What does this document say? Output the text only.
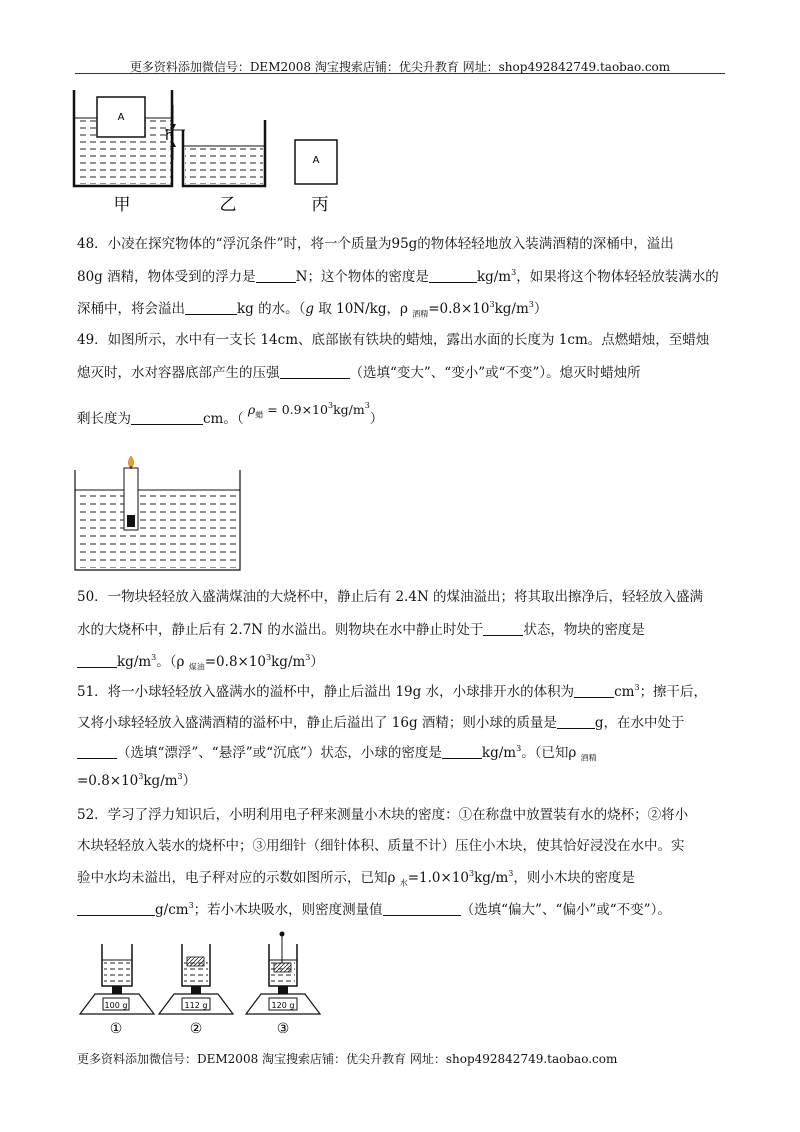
更多资料添加微信号：DEM2008 淘宝搜索店铺：优尖升教育 网址：shop492842749.taobao.com
A
h
A
甲	乙	丙
48．小凌在探究物体的“浮沉条件”时，将一个质量为95g的物体轻轻地放入装满酒精的深桶中，溢出
80g 酒精，物体受到的浮力是	N；这个物体的密度是	$kg/m^3$，如果将这个物体轻轻放装满水的
深桶中，将会溢出	kg 的水。（g 取 10N/kg，ρ $_{酒精}=0.8\times 10^3kg/m^3$）
49．如图所示，水中有一支长 14cm、底部嵌有铁块的蜡烛，露出水面的长度为 1cm。点燃蜡烛，至蜡烛
熄灭时，水对容器底部产生的压强	（选填“变大”、“变小”或“不变”）。熄灭时蜡烛所
剩长度为	cm。（ $\rho_蜡 = 0.9\times 10^3kg/m^3$）
50．一物块轻轻放入盛满煤油的大烧杯中，静止后有 2.4N 的煤油溢出；将其取出擦净后，轻轻放入盛满
水的大烧杯中，静止后有 2.7N 的水溢出。则物块在水中静止时处于	状态，物块的密度是
$kg/m^3$。（ρ $_{煤油}=0.8\times 10^3kg/m^3$）
51．将一小球轻轻放入盛满水的溢杯中，静止后溢出 19g 水，小球排开水的体积为	$cm^3$；擦干后，
又将小球轻轻放入盛满酒精的溢杯中，静止后溢出了 16g 酒精；则小球的质量是	g，在水中处于
（选填“漂浮”、“悬浮”或“沉底”）状态，小球的密度是	$kg/m^3$。（已知ρ $_{酒精}$
$=0.8\times 10^3kg/m^3$）
52．学习了浮力知识后，小明利用电子秤来测量小木块的密度：①在称盘中放置装有水的烧杯；②将小
木块轻轻放入装水的烧杯中；③用细针（细针体积、质量不计）压住小木块，使其恰好浸没在水中。实
验中水均未溢出，电子秤对应的示数如图所示，已知ρ $_水=1.0\times 10^3kg/m^3$，则小木块的密度是
$g/cm^3$；若小木块吸水，则密度测量值	（选填“偏大”、“偏小”或“不变”）。
100 g
①
112 g
②
120 g
③
更多资料添加微信号：DEM2008 淘宝搜索店铺：优尖升教育 网址：shop492842749.taobao.com
